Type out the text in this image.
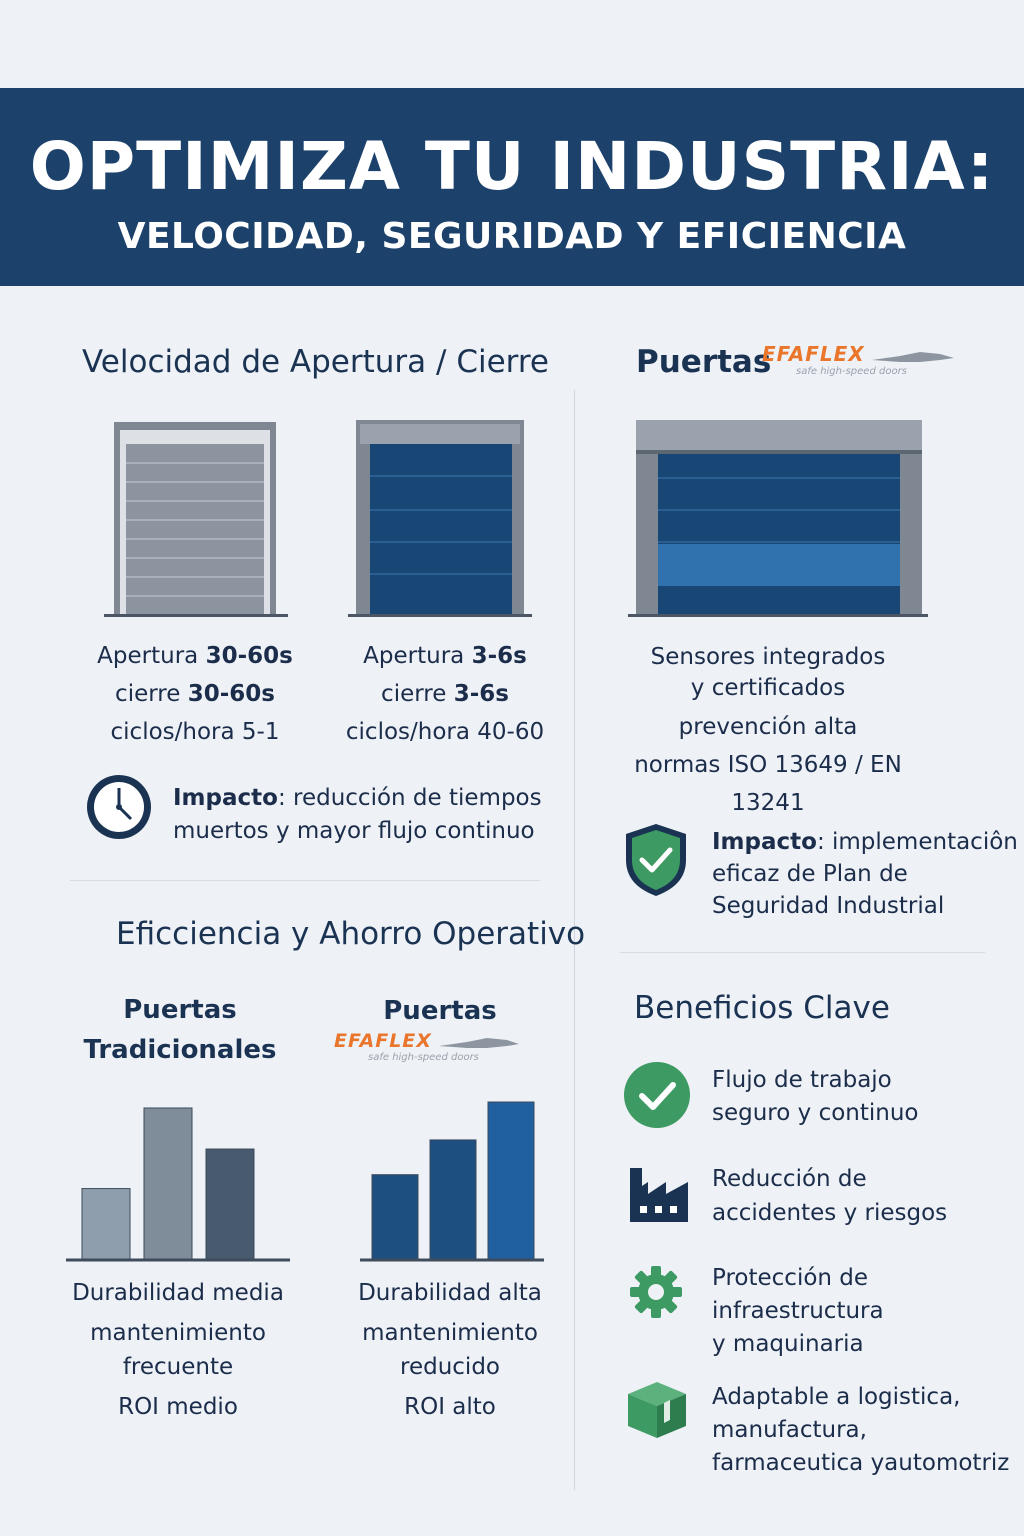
OPTIMIZA TU INDUSTRIA:
VELOCIDAD, SEGURIDAD Y EFICIENCIA
Velocidad de Apertura / Cierre
Apertura 30-60s
cierre 30-60s
ciclos/hora 5-1
Apertura 3-6s
cierre 3-6s
ciclos/hora 40-60
Impacto: reducción de tiempos
muertos y mayor flujo continuo
Puertas
EFAFLEX
safe high-speed doors
Sensores integrados
y certificados
prevención alta
normas ISO 13649 / EN 13241
Impacto: implementaciôn
eficaz de Plan de
Seguridad Industrial
Eficciencia y Ahorro Operativo
Puertas
Tradicionales
Puertas
EFAFLEX
safe high-speed doors
Durabilidad media
mantenimiento
frecuente
ROI medio
Durabilidad alta
mantenimiento
reducido
ROI alto
Beneficios Clave
Flujo de trabajo
seguro y continuo
Reducción de
accidentes y riesgos
Protección de
infraestructura
y maquinaria
Adaptable a logistica,
manufactura,
farmaceutica yautomotriz
